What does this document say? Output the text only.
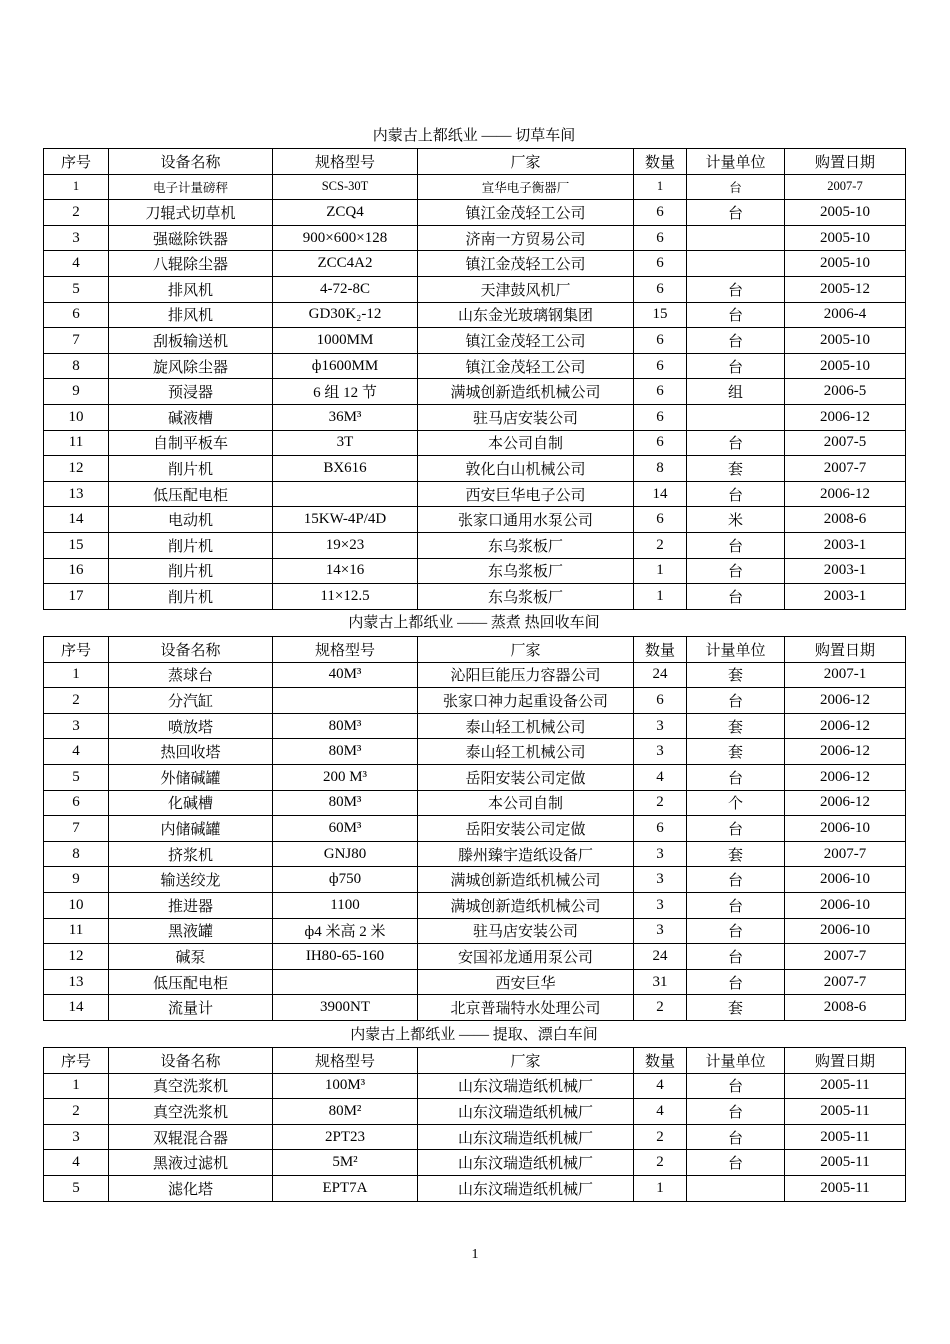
内蒙古上都纸业 —— 切草车间
序号	设备名称	规格型号	厂家	数量	计量单位	购置日期
1	电子计量磅秤	SCS-30T	宣华电子衡器厂	1	台	2007-7
2	刀辊式切草机	ZCQ4	镇江金茂轻工公司	6	台	2005-10
3	强磁除铁器	900×600×128	济南一方贸易公司	6		2005-10
4	八辊除尘器	ZCC4A2	镇江金茂轻工公司	6		2005-10
5	排风机	4-72-8C	天津鼓风机厂	6	台	2005-12
6	排风机	GD30K₂-12	山东金光玻璃钢集团	15	台	2006-4
7	刮板输送机	1000MM	镇江金茂轻工公司	6	台	2005-10
8	旋风除尘器	ф1600MM	镇江金茂轻工公司	6	台	2005-10
9	预浸器	6 组 12 节	满城创新造纸机械公司	6	组	2006-5
10	碱液槽	36M³	驻马店安装公司	6		2006-12
11	自制平板车	3T	本公司自制	6	台	2007-5
12	削片机	BX616	敦化白山机械公司	8	套	2007-7
13	低压配电柜		西安巨华电子公司	14	台	2006-12
14	电动机	15KW-4P/4D	张家口通用水泵公司	6	米	2008-6
15	削片机	19×23	东乌浆板厂	2	台	2003-1
16	削片机	14×16	东乌浆板厂	1	台	2003-1
17	削片机	11×12.5	东乌浆板厂	1	台	2003-1
内蒙古上都纸业 —— 蒸煮 热回收车间
序号	设备名称	规格型号	厂家	数量	计量单位	购置日期
1	蒸球台	40M³	沁阳巨能压力容器公司	24	套	2007-1
2	分汽缸		张家口神力起重设备公司	6	台	2006-12
3	喷放塔	80M³	泰山轻工机械公司	3	套	2006-12
4	热回收塔	80M³	泰山轻工机械公司	3	套	2006-12
5	外储碱罐	200 M³	岳阳安装公司定做	4	台	2006-12
6	化碱槽	80M³	本公司自制	2	个	2006-12
7	内储碱罐	60M³	岳阳安装公司定做	6	台	2006-10
8	挤浆机	GNJ80	滕州臻宇造纸设备厂	3	套	2007-7
9	输送绞龙	ф750	满城创新造纸机械公司	3	台	2006-10
10	推进器	1100	满城创新造纸机械公司	3	台	2006-10
11	黑液罐	ф4 米高 2 米	驻马店安装公司	3	台	2006-10
12	碱泵	IH80-65-160	安国祁龙通用泵公司	24	台	2007-7
13	低压配电柜		西安巨华	31	台	2007-7
14	流量计	3900NT	北京普瑞特水处理公司	2	套	2008-6
内蒙古上都纸业 —— 提取、漂白车间
序号	设备名称	规格型号	厂家	数量	计量单位	购置日期
1	真空洗浆机	100M³	山东汶瑞造纸机械厂	4	台	2005-11
2	真空洗浆机	80M²	山东汶瑞造纸机械厂	4	台	2005-11
3	双辊混合器	2PT23	山东汶瑞造纸机械厂	2	台	2005-11
4	黑液过滤机	5M²	山东汶瑞造纸机械厂	2	台	2005-11
5	滤化塔	EPT7A	山东汶瑞造纸机械厂	1		2005-11
1
